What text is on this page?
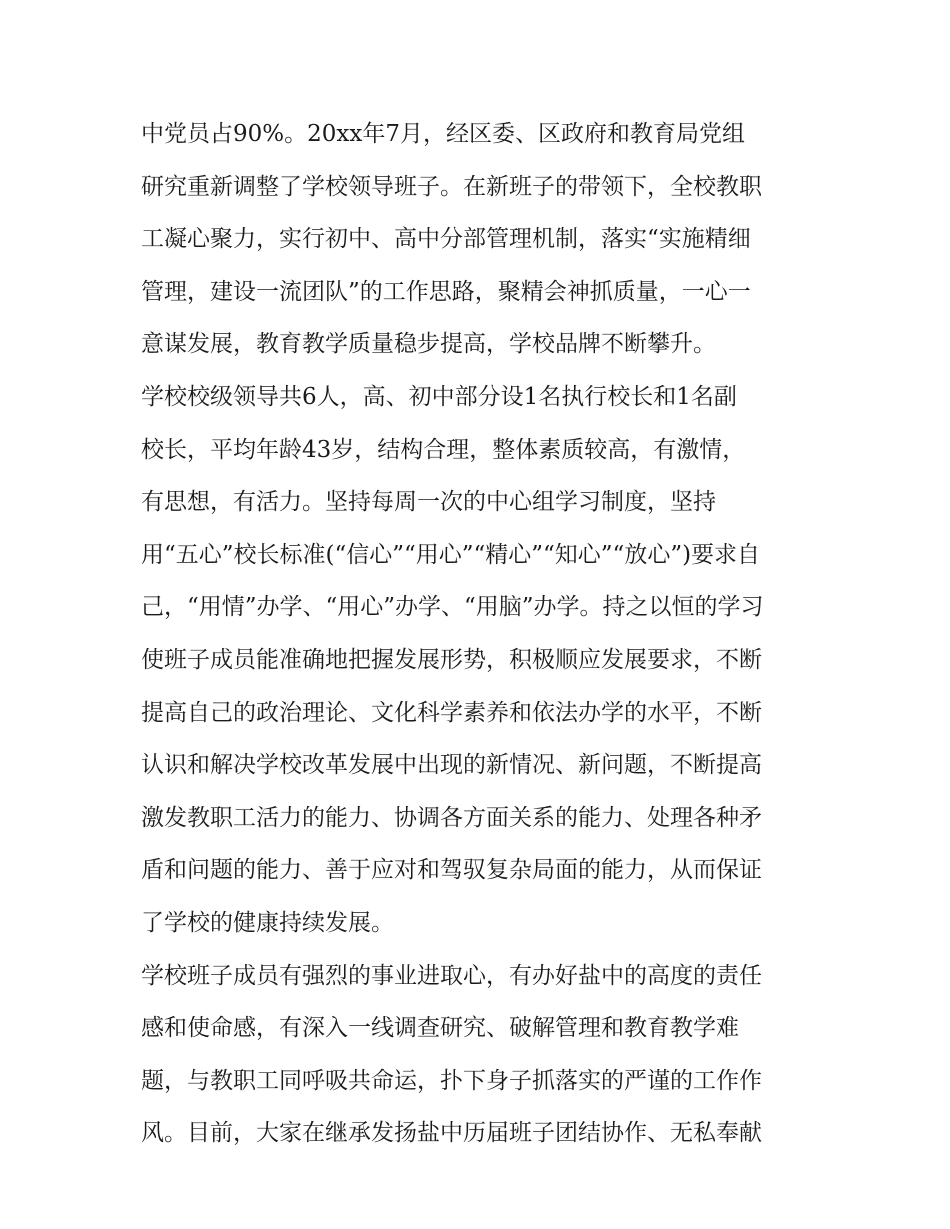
中党员占90%。20xx年7月，经区委、区政府和教育局党组
研究重新调整了学校领导班子。在新班子的带领下，全校教职
工凝心聚力，实行初中、高中分部管理机制，落实“实施精细
管理，建设一流团队”的工作思路，聚精会神抓质量，一心一
意谋发展，教育教学质量稳步提高，学校品牌不断攀升。
学校校级领导共6人，高、初中部分设1名执行校长和1名副
校长，平均年龄43岁，结构合理，整体素质较高，有激情，
有思想，有活力。坚持每周一次的中心组学习制度，坚持
用“五心”校长标准(“信心”“用心”“精心”“知心”“放心”)要求自
己，“用情”办学、“用心”办学、“用脑”办学。持之以恒的学习
使班子成员能准确地把握发展形势，积极顺应发展要求，不断
提高自己的政治理论、文化科学素养和依法办学的水平，不断
认识和解决学校改革发展中出现的新情况、新问题，不断提高
激发教职工活力的能力、协调各方面关系的能力、处理各种矛
盾和问题的能力、善于应对和驾驭复杂局面的能力，从而保证
了学校的健康持续发展。
学校班子成员有强烈的事业进取心，有办好盐中的高度的责任
感和使命感，有深入一线调查研究、破解管理和教育教学难
题，与教职工同呼吸共命运，扑下身子抓落实的严谨的工作作
风。目前，大家在继承发扬盐中历届班子团结协作、无私奉献
